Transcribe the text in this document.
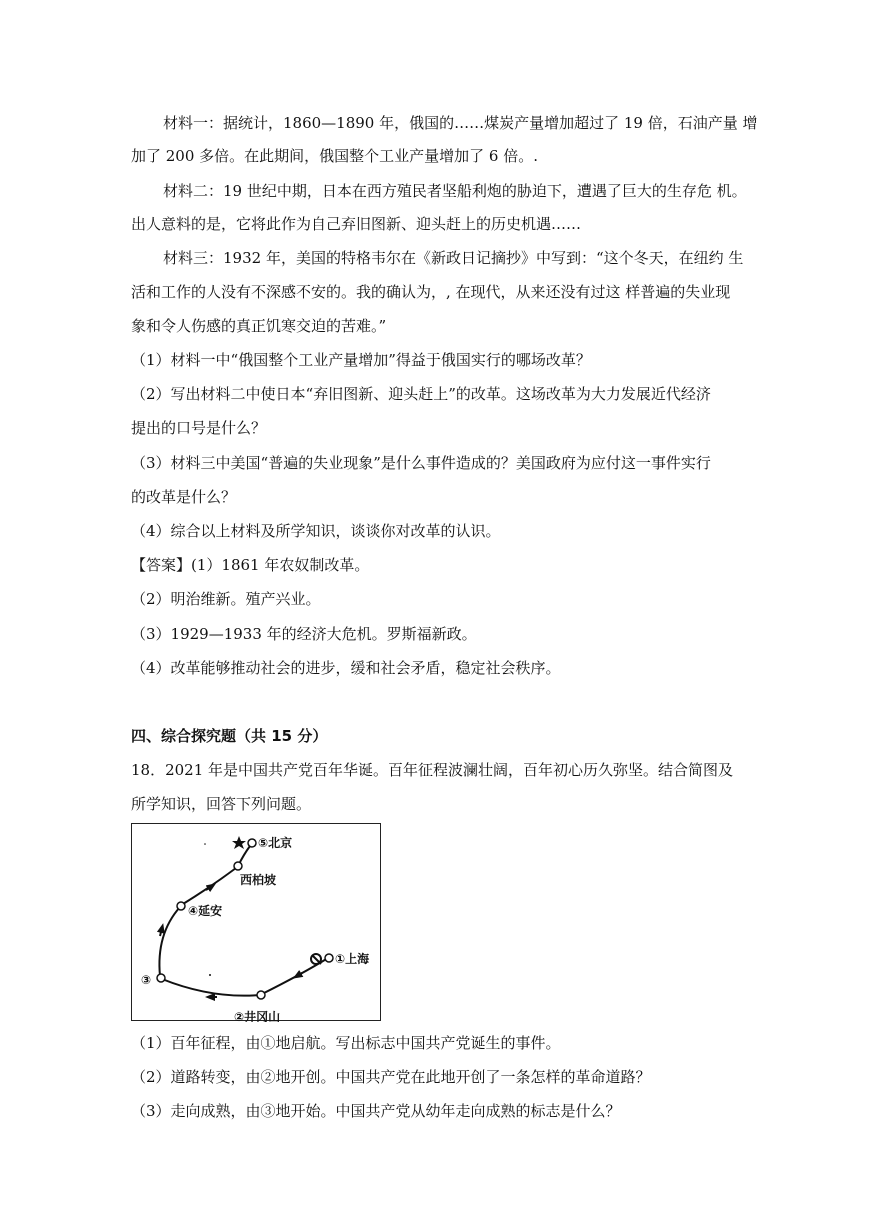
材料一：据统计，1860—1890 年，俄国的……煤炭产量增加超过了 19 倍，石油产量 增
加了 200 多倍。在此期间，俄国整个工业产量增加了 6 倍。.
材料二：19 世纪中期，日本在西方殖民者坚船利炮的胁迫下，遭遇了巨大的生存危 机。
出人意料的是，它将此作为自己弃旧图新、迎头赶上的历史机遇……
材料三：1932 年，美国的特格韦尔在《新政日记摘抄》中写到：“这个冬天，在纽约 生
活和工作的人没有不深感不安的。我的确认为，, 在现代，从来还没有过这 样普遍的失业现
象和令人伤感的真正饥寒交迫的苦难。”
（1）材料一中“俄国整个工业产量增加”得益于俄国实行的哪场改革？
（2）写出材料二中使日本“弃旧图新、迎头赶上”的改革。这场改革为大力发展近代经济
提出的口号是什么？
（3）材料三中美国“普遍的失业现象”是什么事件造成的？美国政府为应付这一事件实行
的改革是什么？
（4）综合以上材料及所学知识，谈谈你对改革的认识。
【答案】(1）1861 年农奴制改革。
（2）明治维新。殖产兴业。
（3）1929—1933 年的经济大危机。罗斯福新政。
（4）改革能够推动社会的进步，缓和社会矛盾，稳定社会秩序。
四、综合探究题（共 15 分）
18．2021 年是中国共产党百年华诞。百年征程波澜壮阔，百年初心历久弥坚。结合简图及
所学知识，回答下列问题。
⑤北京
西柏坡
④延安
①上海
②井冈山
③
（1）百年征程，由①地启航。写出标志中国共产党诞生的事件。
（2）道路转变，由②地开创。中国共产党在此地开创了一条怎样的革命道路？
（3）走向成熟，由③地开始。中国共产党从幼年走向成熟的标志是什么？
